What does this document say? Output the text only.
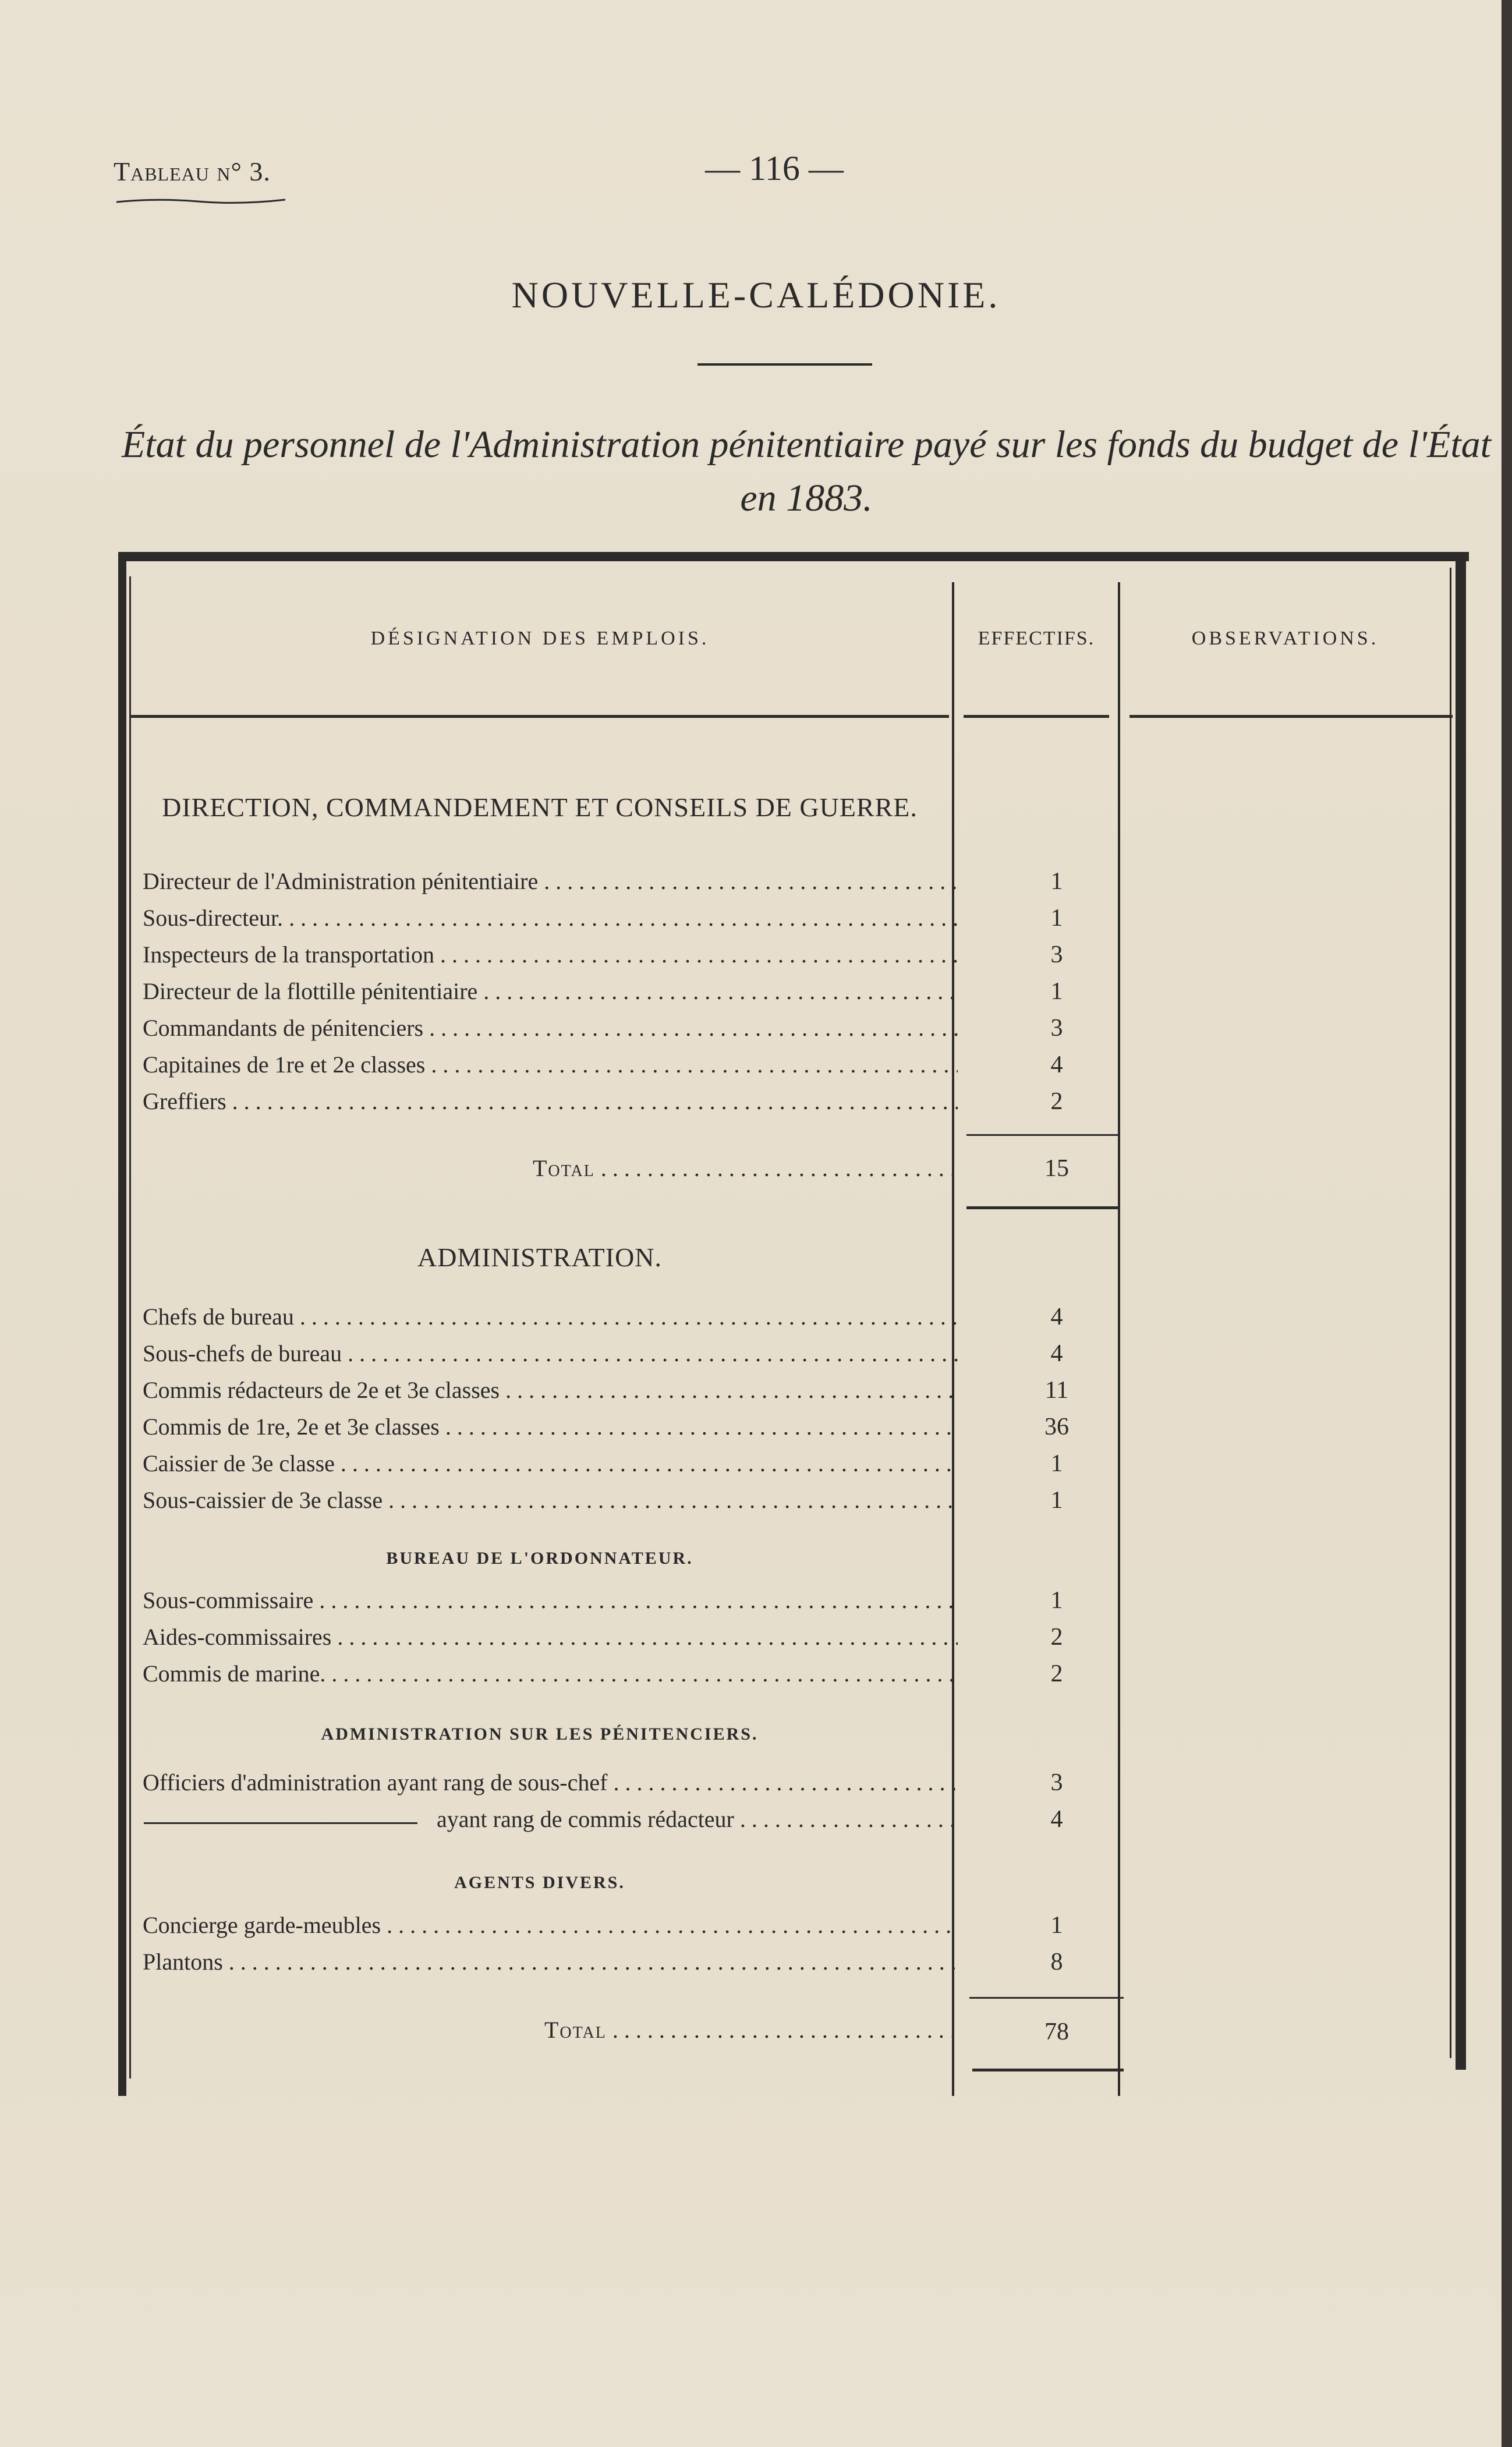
Tableau n° 3.	— 116 —
NOUVELLE-CALÉDONIE.
État du personnel de l'Administration pénitentiaire payé sur les fonds du budget de l'État
en 1883.
DÉSIGNATION DES EMPLOIS.	EFFECTIFS.	OBSERVATIONS.
DIRECTION, COMMANDEMENT ET CONSEILS DE GUERRE.
Directeur de l'Administration pénitentiaire . . .	1
Sous-directeur. . . .	1
Inspecteurs de la transportation . . .	3
Directeur de la flottille pénitentiaire . . .	1
Commandants de pénitenciers . . .	3
Capitaines de 1re et 2e classes . . .	4
Greffiers . . .	2
Total . . .	15
ADMINISTRATION.
Chefs de bureau . . .	4
Sous-chefs de bureau . . .	4
Commis rédacteurs de 2e et 3e classes . . .	11
Commis de 1re, 2e et 3e classes . . .	36
Caissier de 3e classe . . .	1
Sous-caissier de 3e classe . . .	1
BUREAU DE L'ORDONNATEUR.
Sous-commissaire . . .	1
Aides-commissaires . . .	2
Commis de marine. . . .	2
ADMINISTRATION SUR LES PÉNITENCIERS.
Officiers d'administration ayant rang de sous-chef . . .	3
ayant rang de commis rédacteur . . .	4
AGENTS DIVERS.
Concierge garde-meubles . . .	1
Plantons . . .	8
Total . . .	78
